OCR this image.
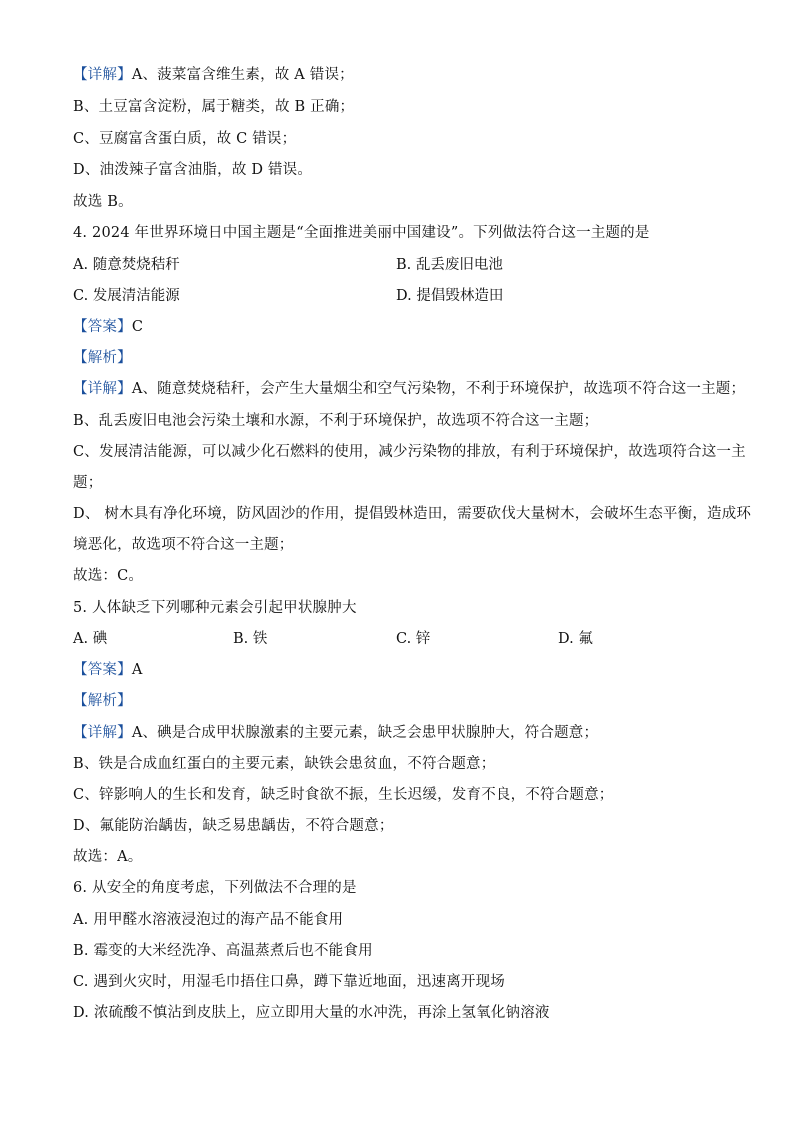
【详解】A、菠菜富含维生素，故 A 错误；
B、土豆富含淀粉，属于糖类，故 B 正确；
C、豆腐富含蛋白质，故 C 错误；
D、油泼辣子富含油脂，故 D 错误。
故选 B。
4. 2024 年世界环境日中国主题是“全面推进美丽中国建设”。下列做法符合这一主题的是
A. 随意焚烧秸秆	B. 乱丢废旧电池
C. 发展清洁能源	D. 提倡毁林造田
【答案】C
【解析】
【详解】A、随意焚烧秸秆，会产生大量烟尘和空气污染物，不利于环境保护，故选项不符合这一主题；
B、乱丢废旧电池会污染土壤和水源，不利于环境保护，故选项不符合这一主题；
C、发展清洁能源，可以减少化石燃料的使用，减少污染物的排放，有利于环境保护，故选项符合这一主
题；
D、 树木具有净化环境，防风固沙的作用，提倡毁林造田，需要砍伐大量树木，会破坏生态平衡，造成环
境恶化，故选项不符合这一主题；
故选：C。
5. 人体缺乏下列哪种元素会引起甲状腺肿大
A. 碘	B. 铁	C. 锌	D. 氟
【答案】A
【解析】
【详解】A、碘是合成甲状腺激素的主要元素，缺乏会患甲状腺肿大，符合题意；
B、铁是合成血红蛋白的主要元素，缺铁会患贫血，不符合题意；
C、锌影响人的生长和发育，缺乏时食欲不振，生长迟缓，发育不良，不符合题意；
D、氟能防治龋齿，缺乏易患龋齿，不符合题意；
故选：A。
6. 从安全的角度考虑，下列做法不合理的是
A. 用甲醛水溶液浸泡过的海产品不能食用
B. 霉变的大米经洗净、高温蒸煮后也不能食用
C. 遇到火灾时，用湿毛巾捂住口鼻，蹲下靠近地面，迅速离开现场
D. 浓硫酸不慎沾到皮肤上，应立即用大量的水冲洗，再涂上氢氧化钠溶液
